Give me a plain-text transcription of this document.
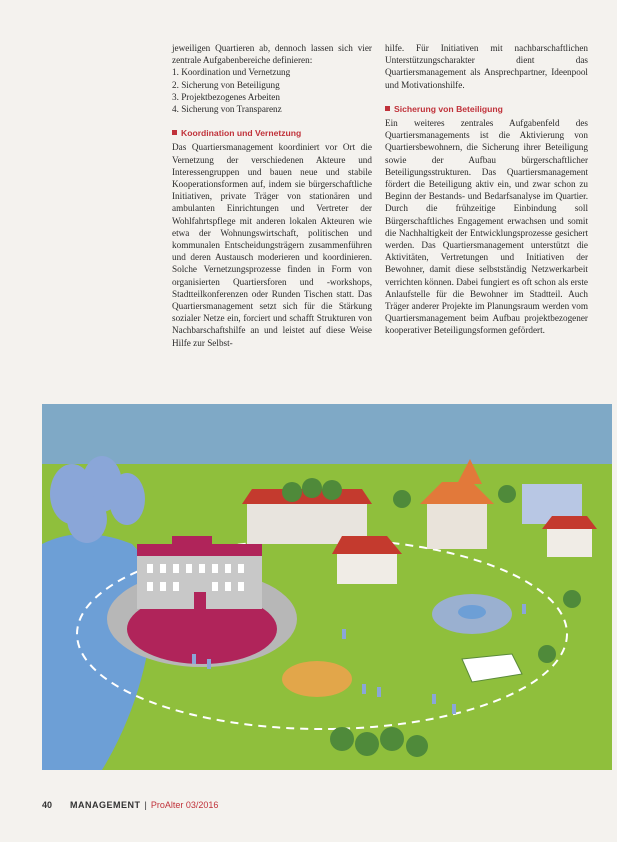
jeweiligen Quartieren ab, dennoch lassen sich vier zentrale Aufgabenbereiche definieren:

1. Koordination und Vernetzung
2. Sicherung von Beteiligung
3. Projektbezogenes Arbeiten
4. Sicherung von Transparenz
Koordination und Vernetzung

Das Quartiersmanagement koordiniert vor Ort die Vernetzung der verschiedenen Akteure und Interessengruppen und bauen neue und stabile Kooperationsformen auf, indem sie bürgerschaftliche Initiativen, private Träger von stationären und ambulanten Einrichtungen und Vertreter der Wohlfahrtspflege mit anderen lokalen Akteuren wie etwa der Wohnungswirtschaft, politischen und kommunalen Entscheidungsträgern zusammenführen und deren Austausch moderieren und koordinieren. Solche Vernetzungsprozesse finden in Form von organisierten Quartiersforen und -workshops, Stadtteilkonferenzen oder Runden Tischen statt. Das Quartiersmanagement setzt sich für die Stärkung sozialer Netze ein, forciert und schafft Strukturen von Nachbarschaftshilfe an und leistet auf diese Weise Hilfe zur Selbst-

hilfe. Für Initiativen mit nachbarschaftlichen Unterstützungscharakter dient das Quartiersmanagement als Ansprechpartner, Ideenpool und Motivationshilfe.

Sicherung von Beteiligung

Ein weiteres zentrales Aufgabenfeld des Quartiersmanagements ist die Aktivierung von Quartiersbewohnern, die Sicherung ihrer Beteiligung sowie der Aufbau bürgerschaftlicher Beteiligungsstrukturen. Das Quartiersmanagement fördert die Beteiligung aktiv ein, und zwar schon zu Beginn der Bestands- und Bedarfsanalyse im Quartier. Durch die frühzeitige Einbindung soll Bürgerschaftliches Engagement erwachsen und somit die Nachhaltigkeit der Entwicklungsprozesse gesichert werden. Das Quartiersmanagement unterstützt die Aktivitäten, Vertretungen und Initiativen der Bewohner, damit diese selbstständig Netzwerkarbeit verrichten können. Dabei fungiert es oft schon als erste Anlaufstelle für die Bewohner im Stadtteil. Auch Träger anderer Projekte im Planungsraum werden vom Quartiersmanagement beim Aufbau projektbezogener kooperativer Beteiligungsformen gefördert.

40 MANAGEMENT | ProAlter 03/2016
